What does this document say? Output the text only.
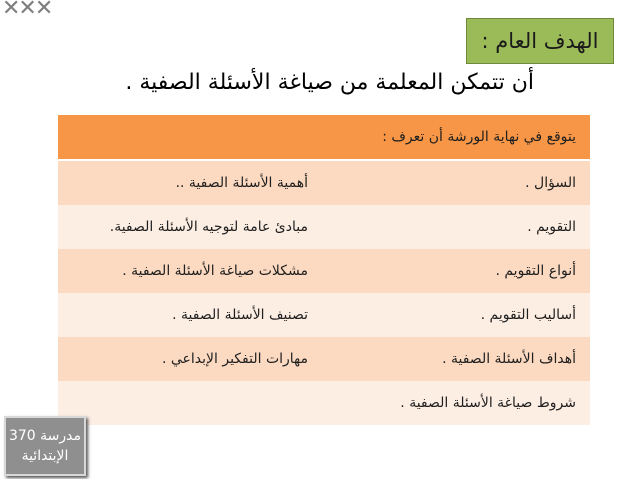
✕✕✕
الهدف العام :
أن تتمكن المعلمة من صياغة الأسئلة الصفية .
يتوقع في نهاية الورشة أن تعرف :	
السؤال .	أهمية الأسئلة الصفية ..
التقويم .	مبادئ عامة لتوجيه الأسئلة الصفية.
أنواع التقويم .	مشكلات صياغة الأسئلة الصفية .
أساليب التقويم .	تصنيف الأسئلة الصفية .
أهداف الأسئلة الصفية .	مهارات التفكير الإبداعي .
شروط صياغة الأسئلة الصفية .	
مدرسة 370
الإبتدائية
